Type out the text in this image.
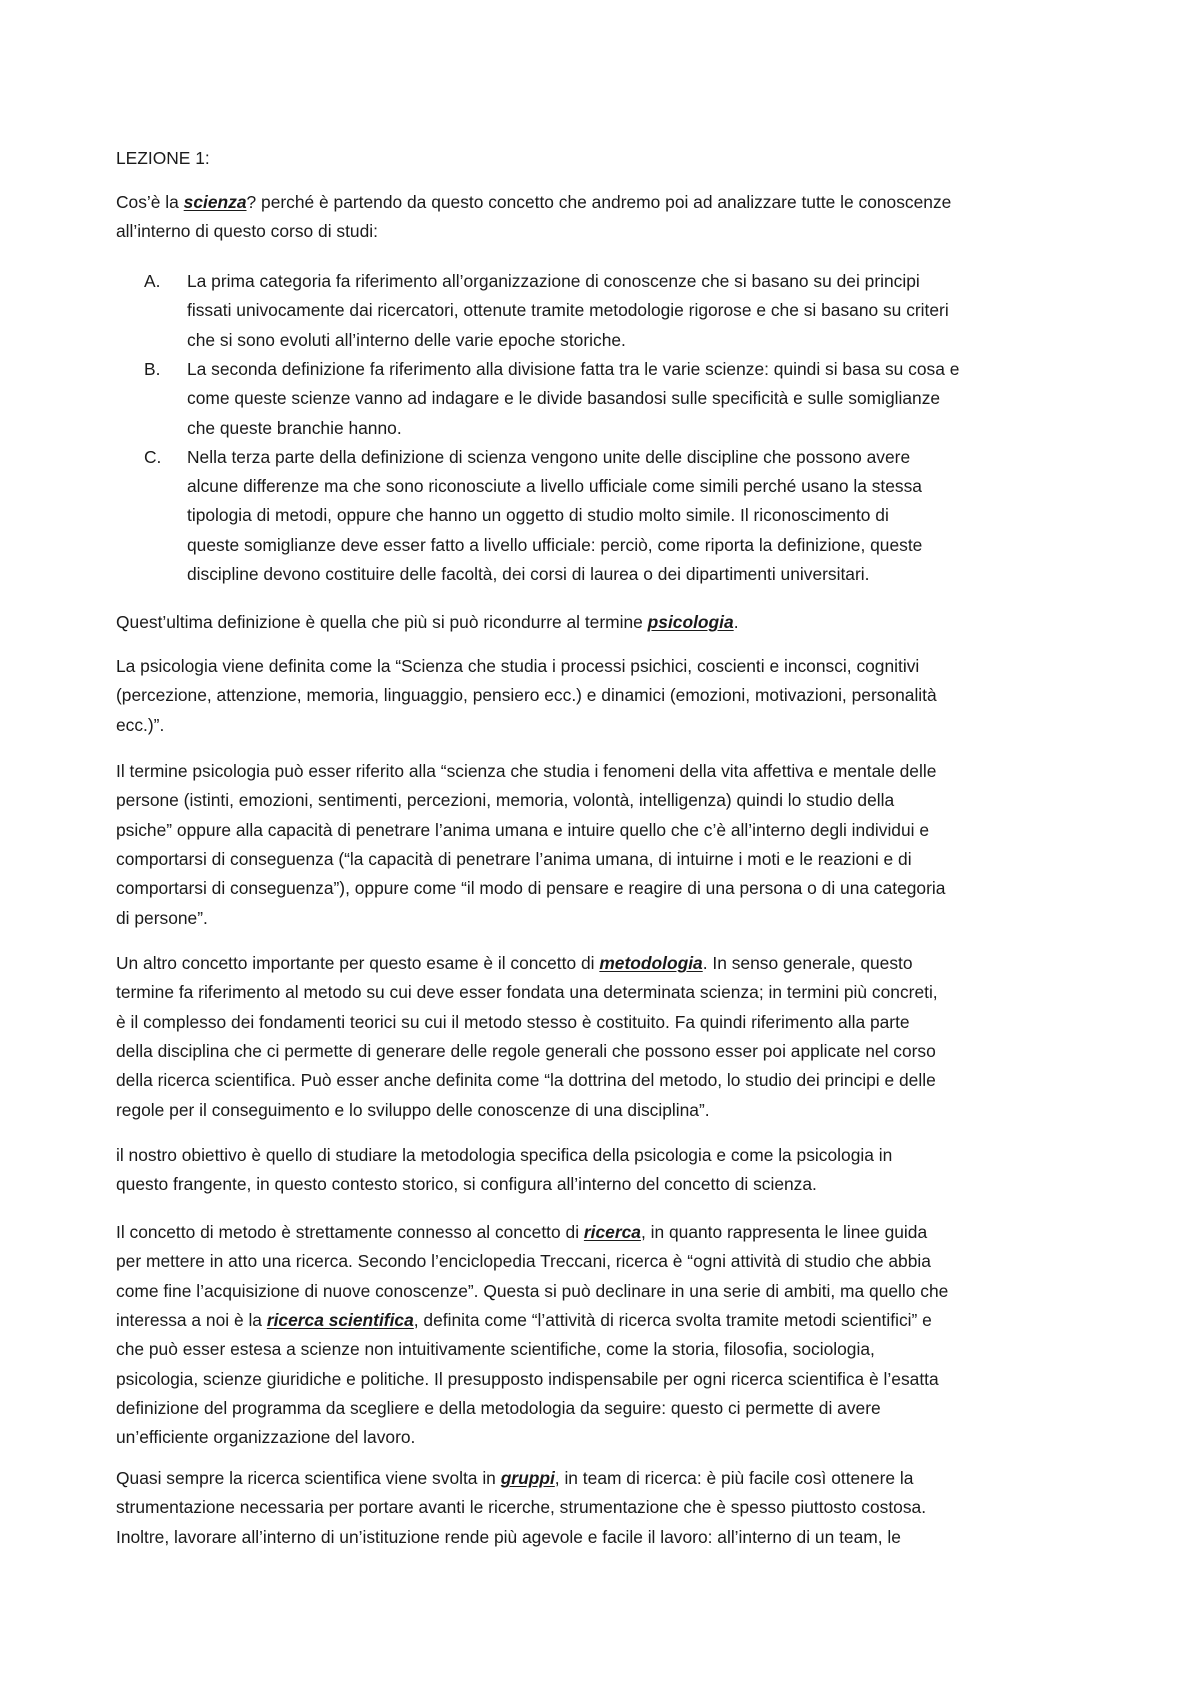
LEZIONE 1:
Cos’è la scienza? perché è partendo da questo concetto che andremo poi ad analizzare tutte le conoscenze
all’interno di questo corso di studi:
A. La prima categoria fa riferimento all’organizzazione di conoscenze che si basano su dei principi
fissati univocamente dai ricercatori, ottenute tramite metodologie rigorose e che si basano su criteri
che si sono evoluti all’interno delle varie epoche storiche.
B. La seconda definizione fa riferimento alla divisione fatta tra le varie scienze: quindi si basa su cosa e
come queste scienze vanno ad indagare e le divide basandosi sulle specificità e sulle somiglianze
che queste branchie hanno.
C. Nella terza parte della definizione di scienza vengono unite delle discipline che possono avere
alcune differenze ma che sono riconosciute a livello ufficiale come simili perché usano la stessa
tipologia di metodi, oppure che hanno un oggetto di studio molto simile. Il riconoscimento di
queste somiglianze deve esser fatto a livello ufficiale: perciò, come riporta la definizione, queste
discipline devono costituire delle facoltà, dei corsi di laurea o dei dipartimenti universitari.
Quest’ultima definizione è quella che più si può ricondurre al termine psicologia.
La psicologia viene definita come la “Scienza che studia i processi psichici, coscienti e inconsci, cognitivi
(percezione, attenzione, memoria, linguaggio, pensiero ecc.) e dinamici (emozioni, motivazioni, personalità
ecc.)”.
Il termine psicologia può esser riferito alla “scienza che studia i fenomeni della vita affettiva e mentale delle
persone (istinti, emozioni, sentimenti, percezioni, memoria, volontà, intelligenza) quindi lo studio della
psiche” oppure alla capacità di penetrare l’anima umana e intuire quello che c’è all’interno degli individui e
comportarsi di conseguenza (“la capacità di penetrare l’anima umana, di intuirne i moti e le reazioni e di
comportarsi di conseguenza”), oppure come “il modo di pensare e reagire di una persona o di una categoria
di persone”.
Un altro concetto importante per questo esame è il concetto di metodologia. In senso generale, questo
termine fa riferimento al metodo su cui deve esser fondata una determinata scienza; in termini più concreti,
è il complesso dei fondamenti teorici su cui il metodo stesso è costituito. Fa quindi riferimento alla parte
della disciplina che ci permette di generare delle regole generali che possono esser poi applicate nel corso
della ricerca scientifica. Può esser anche definita come “la dottrina del metodo, lo studio dei principi e delle
regole per il conseguimento e lo sviluppo delle conoscenze di una disciplina”.
il nostro obiettivo è quello di studiare la metodologia specifica della psicologia e come la psicologia in
questo frangente, in questo contesto storico, si configura all’interno del concetto di scienza.
Il concetto di metodo è strettamente connesso al concetto di ricerca, in quanto rappresenta le linee guida
per mettere in atto una ricerca. Secondo l’enciclopedia Treccani, ricerca è “ogni attività di studio che abbia
come fine l’acquisizione di nuove conoscenze”. Questa si può declinare in una serie di ambiti, ma quello che
interessa a noi è la ricerca scientifica, definita come “l’attività di ricerca svolta tramite metodi scientifici” e
che può esser estesa a scienze non intuitivamente scientifiche, come la storia, filosofia, sociologia,
psicologia, scienze giuridiche e politiche. Il presupposto indispensabile per ogni ricerca scientifica è l’esatta
definizione del programma da scegliere e della metodologia da seguire: questo ci permette di avere
un’efficiente organizzazione del lavoro.
Quasi sempre la ricerca scientifica viene svolta in gruppi, in team di ricerca: è più facile così ottenere la
strumentazione necessaria per portare avanti le ricerche, strumentazione che è spesso piuttosto costosa.
Inoltre, lavorare all’interno di un’istituzione rende più agevole e facile il lavoro: all’interno di un team, le
